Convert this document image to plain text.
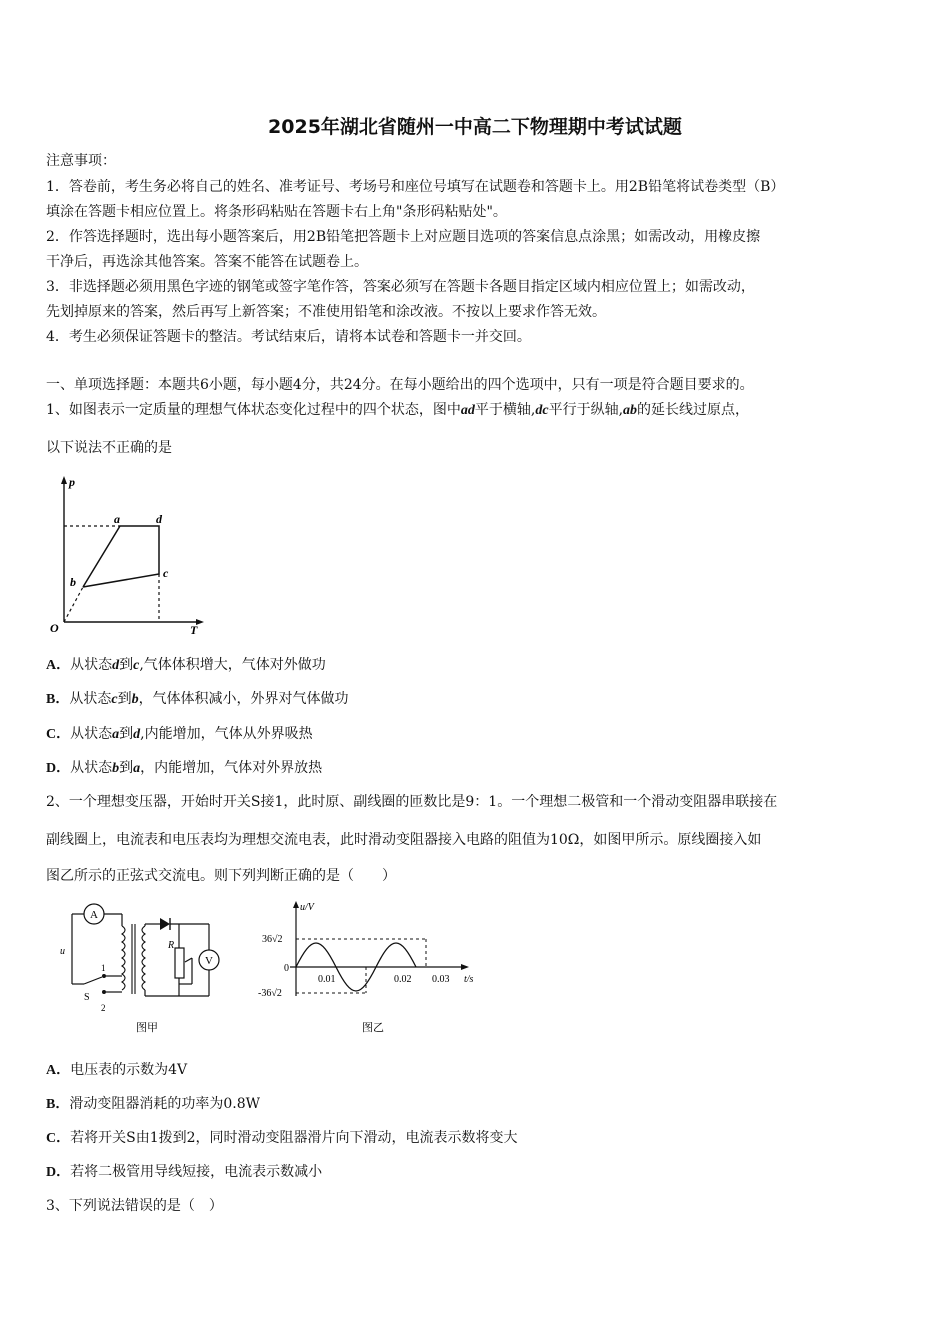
2025年湖北省随州一中高二下物理期中考试试题
注意事项：
1．答卷前，考生务必将自己的姓名、准考证号、考场号和座位号填写在试题卷和答题卡上。用2B铅笔将试卷类型（B）
填涂在答题卡相应位置上。将条形码粘贴在答题卡右上角"条形码粘贴处"。
2．作答选择题时，选出每小题答案后，用2B铅笔把答题卡上对应题目选项的答案信息点涂黑；如需改动，用橡皮擦
干净后，再选涂其他答案。答案不能答在试题卷上。
3．非选择题必须用黑色字迹的钢笔或签字笔作答，答案必须写在答题卡各题目指定区域内相应位置上；如需改动，
先划掉原来的答案，然后再写上新答案；不准使用铅笔和涂改液。不按以上要求作答无效。
4．考生必须保证答题卡的整洁。考试结束后，请将本试卷和答题卡一并交回。
一、单项选择题：本题共6小题，每小题4分，共24分。在每小题给出的四个选项中，只有一项是符合题目要求的。
1、如图表示一定质量的理想气体状态变化过程中的四个状态，图中ad平于横轴,dc平行于纵轴,ab的延长线过原点，
以下说法不正确的是
p
T
O
a	d
c
b
A．从状态d到c,气体体积增大，气体对外做功
B．从状态c到b，气体体积减小，外界对气体做功
C．从状态a到d,内能增加，气体从外界吸热
D．从状态b到a，内能增加，气体对外界放热
2、一个理想变压器，开始时开关S接1，此时原、副线圈的匝数比是9：1。一个理想二极管和一个滑动变阻器串联接在
副线圈上，电流表和电压表均为理想交流电表，此时滑动变阻器接入电路的阻值为10Ω，如图甲所示。原线圈接入如
图乙所示的正弦式交流电。则下列判断正确的是（　　）
A
u
1
2
S
R
V
图甲
u/V
t/s
0
36√2
-36√2
0.01	0.02 0.03
图乙
A．电压表的示数为4V
B．滑动变阻器消耗的功率为0.8W
C．若将开关S由1拨到2，同时滑动变阻器滑片向下滑动，电流表示数将变大
D．若将二极管用导线短接，电流表示数减小
3、下列说法错误的是（　）
